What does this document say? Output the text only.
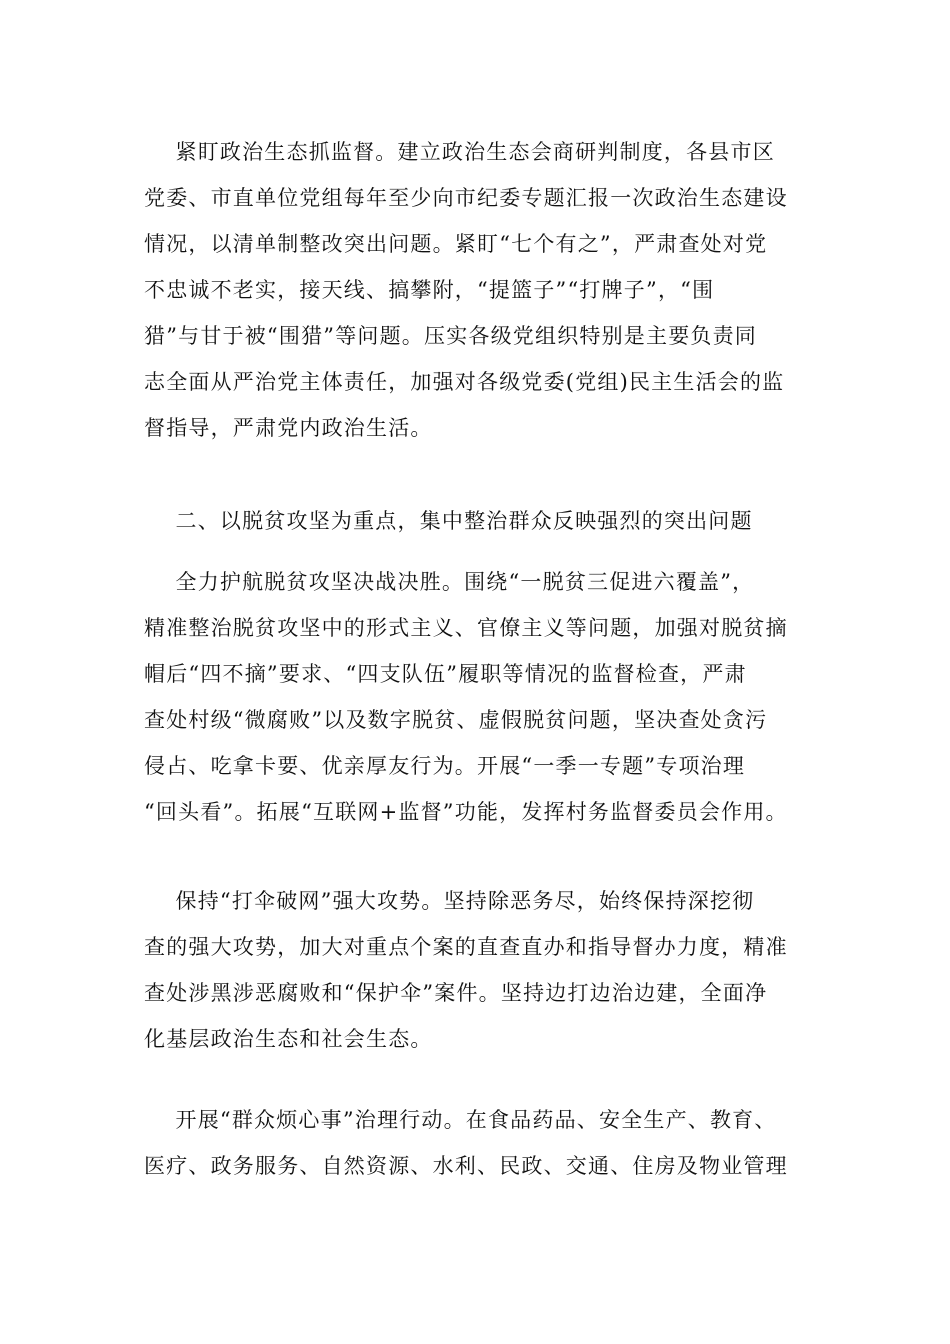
紧盯政治生态抓监督。建立政治生态会商研判制度，各县市区
党委、市直单位党组每年至少向市纪委专题汇报一次政治生态建设
情况，以清单制整改突出问题。紧盯“七个有之”，严肃查处对党
不忠诚不老实，接天线、搞攀附，“提篮子”“打牌子”，“围
猎”与甘于被“围猎”等问题。压实各级党组织特别是主要负责同
志全面从严治党主体责任，加强对各级党委(党组)民主生活会的监
督指导，严肃党内政治生活。
二、以脱贫攻坚为重点，集中整治群众反映强烈的突出问题
全力护航脱贫攻坚决战决胜。围绕“一脱贫三促进六覆盖”，
精准整治脱贫攻坚中的形式主义、官僚主义等问题，加强对脱贫摘
帽后“四不摘”要求、“四支队伍”履职等情况的监督检查，严肃
查处村级“微腐败”以及数字脱贫、虚假脱贫问题，坚决查处贪污
侵占、吃拿卡要、优亲厚友行为。开展“一季一专题”专项治理
“回头看”。拓展“互联网+监督”功能，发挥村务监督委员会作用。
保持“打伞破网”强大攻势。坚持除恶务尽，始终保持深挖彻
查的强大攻势，加大对重点个案的直查直办和指导督办力度，精准
查处涉黑涉恶腐败和“保护伞”案件。坚持边打边治边建，全面净
化基层政治生态和社会生态。
开展“群众烦心事”治理行动。在食品药品、安全生产、教育、
医疗、政务服务、自然资源、水利、民政、交通、住房及物业管理
